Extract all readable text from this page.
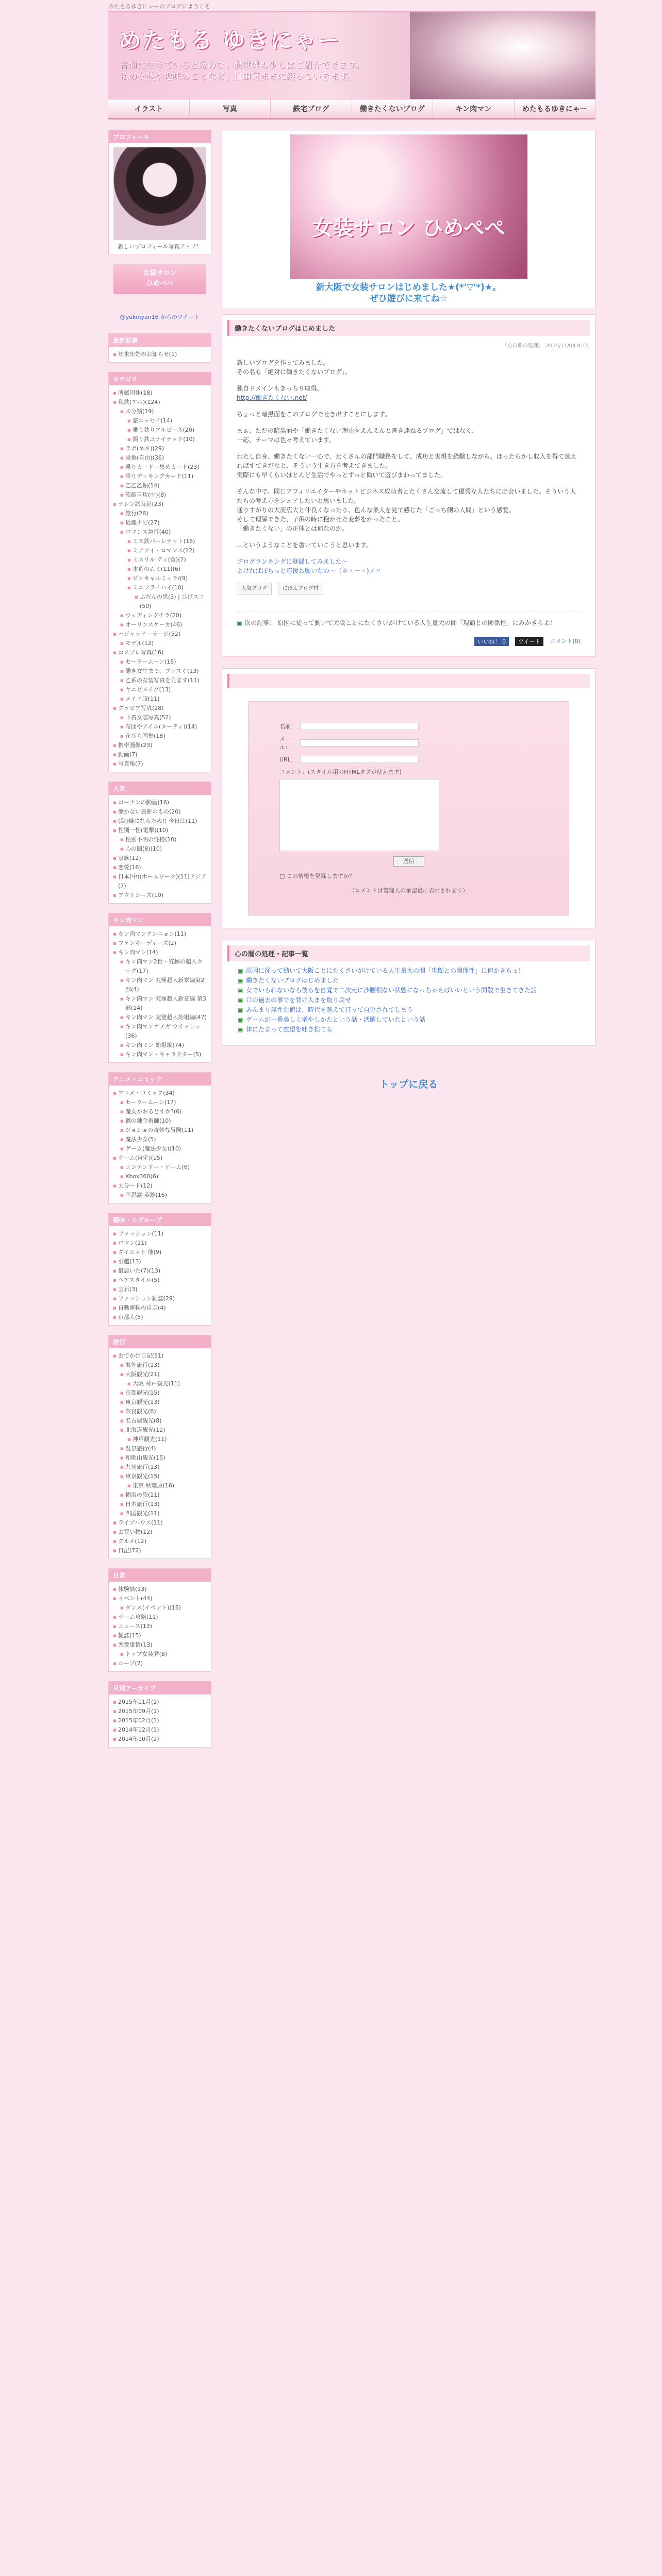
めたもるゆきにゃーのブログにようこそ
めたもる ゆきにゃー
普通に生きていると縁のない異世界も少しはご紹介できます。
私の女装や趣味のことなど、自由気ままに綴っていきます。
イラスト	写真	鉄宅ブログ	働きたくないブログ	キン肉マン	めたもるゆきにゃー
プロフィール
新しいプロフィール写真アップ！
女装サロン
ひめぺぺ
@yukinyan16 からのツイート
最新記事
■ 年末年始のお知らせ(1)
カテゴリ
■ 所属団体(18)
■ 私鉄(アル)(124)
■ 未分類(19)
■ 旅エッセイ(14)
■ 乗り鉄りアルピーネ(20)
■ 撮り鉄ユナイテッド(10)
■ ラボ(ネタ)(29)
■ 乗換(自由)(36)
■ 乗りカードー集めカード(23)
■ 乗りデッキングカード(11)
■ 乙乙乙類(14)
■ 旅館自炊(中)(8)
■ ゲレン試時計(23)
■ 旅行(26)
■ 近畿ナビ(27)
■ ロマンス急行(40)
■ ミス鉄パーレテット(16)
■ ミナツイ・ロマンス(12)
■ ミスリル ティ(食)(7)
■ 本造のムミ(11)(6)
■ ピンキャルミュラ/(9)
■ ミニフライハイ(10)
■ ふだんの思(3) | ひげスコ(50)
■ ウェディングチラ(20)
■ オーリンスケーカ(46)
■ ハジャッドーラージ(52)
■ モデル(12)
■ コスプレ写真(16)
■ セーラームーン(18)
■ 働き女生まで、ブッスぐ(13)
■ 乙系の女装写真を見ます(11)
■ ヤニピメイグ(13)
■ メイド服(11)
■ グラビア写真(28)
■ 下着女装写真(52)
■ 布団やアイル(ターティ)(14)
■ 花びら画集(18)
■ 携帯画像(23)
■ 動画(7)
■ 写真集(7)
人気
■ コーナンの動画(16)
■ 働かない最新のもの(20)
■ (駄)嫌になるため!! 今日は(11)
■ 性別一性(電撃)(10)
■ 性別不明の性格(10)
■ 心の闇(8)(10)
■ 家族(12)
■ 恋愛(16)
■ 日本(中)(ホームワーク)(11)アジア(7)
■ アウトシーズ(10)
キン肉マン
■ キン肉マンアンニョン(11)
■ ファンキーディーズ(2)
■ キン肉マン(14)
■ キン肉マン2世・究極の超人タッグ(17)
■ キン肉マン 究極超人新章編第2部(4)
■ キン肉マン 究極超人新章編 第3部(14)
■ キン肉マン 完璧超人始祖編(47)
■ キン肉マンオメガ ウイッシュ(36)
■ キン肉マン 始祖編(74)
■ キン肉マン・キャラクター(5)
アニメ・コミック
■ アニメ・コミック(34)
■ セーラームーン(17)
■ 魔女がおるどすか?(6)
■ 鋼の錬金術師(10)
■ ジョジョの奇妙な冒険(11)
■ 魔法少女(5)
■ ゲーム(魔法少女)(10)
■ ゲーム(自宅)(15)
■ ニンテンドー・ゲーム(6)
■ Xbox360(6)
■ 大分ード(12)
■ 不思議 英雄(16)
趣味・ルグループ
■ ファッション(11)
■ ロマン(11)
■ ダイエット 他(9)
■ 引越(13)
■ 最悪いた(7)(13)
■ ヘアスタイル(5)
■ 宝石(3)
■ ファッション雑誌(29)
■ 自動運転の自走(4)
■ 京都人(5)
旅行
■ おでかけ日記(51)
■ 海外旅行(13)
■ 大阪観光(21)
■ 大阪 神戸観光(11)
■ 京都観光(15)
■ 東京観光(13)
■ 奈良観光(6)
■ 名古屋観光(8)
■ 北海道観光(12)
■ 神戸観光(11)
■ 温泉旅行(4)
■ 和歌山観光(15)
■ 九州旅行(13)
■ 東京観光(15)
■ 東京 秋葉原(16)
■ 横浜の旅(11)
■ 日本旅行(13)
■ 四国観光(11)
■ ライブハウス(11)
■ お買い物(12)
■ グルメ(12)
■ 日記(72)
日常
■ 体験談(13)
■ イベント(44)
■ ダンス(イベント)(15)
■ ゲーム攻略(11)
■ ニュース(13)
■ 雑誌(15)
■ 恋愛事情(13)
■ トップ女装君(8)
■ ループ(2)
月別アーカイブ
■ 2015年11月(1)
■ 2015年09月(1)
■ 2015年02月(1)
■ 2014年12月(1)
■ 2014年10月(2)
女装サロン ひめぺぺ
新大阪で女装サロンはじめました★(*'▽'*)★。
ぜひ遊びに来てね☆
働きたくないブログはじめました
「心の闇の処理」　2015/11/04 0:15

新しいブログを作ってみました。
その名も「絶対に働きたくないブログ」。

独自ドメインもきっちり取得。
http://働きたくない.net/

ちょっと暗黒面をこのブログで吐き出すことにします。

まぁ、ただの暗黒面や「働きたくない理由をえんえんと書き連ねるブログ」ではなく、
一応、テーマは色々考えています。

わたし自身、働きたくない一心で、たくさんの部門職務をして、成功と実現を経験しながら、ほったらかし収入を得て迷えればすてきだなと、そういう生き方を考えてきました。
実際にも早くらいほとんど生活でやっとずっと働いて遊びまわってました。

そんな中で、同じアフィリエイターやネットビジネス成功者とたくさん交流して優秀な人たちに出会いました。そういう人たちの考え方をシェアしたいと思いました。
通りすがりの大流広大と仲良くなったり、色んな業人を見て感じた「ごっち側の人間」という感覚。
そして理解できた、子供の時に抱かせた変夢をかったこと。
「働きたくない」の正体とは何なのか。

…というようなことを書いていこうと思います。

ブログランキングに登録してみました～
よければぽちっと応援お願いなの～（＊＾－＾)ノ〃

人気ブログ	にほんブログ村
▣ 次の記事： 原因に従って動いて大阪ことにたくさいがけている人生量大の間「現顧との関係性」にみかきらよ！
いいね！ 0	ツイート	コメント(0)
♡
名前：
メール：
URL：
コメント：(スタイル用のHTMLタグが使えます)
送信
□ この情報を登録しますか？
（コメントは管理人の承認後に表示されます）
心の闇の処理・記事一覧
▣ 原因に従って動いて大阪ことにたくさいがけている人生量大の間「現顧との関係性」に何かきちょ！
▣ 働きたくないブログはじめました
▣ 女でいられないなら彼らを自覚で二次元に沙腰根ない状態になっちゃえばいいという開散で生きてきた話
▣ 口の過去の事でを背け人まを取り戻せ
▣ あんまり無性な値は、時代を越えて打って自分されてしまう
▣ ゲームが一番美しく増やしかたという話・活躍していたという話
▣ 体にたまって虚望を吐き捨てる
トップに戻る
